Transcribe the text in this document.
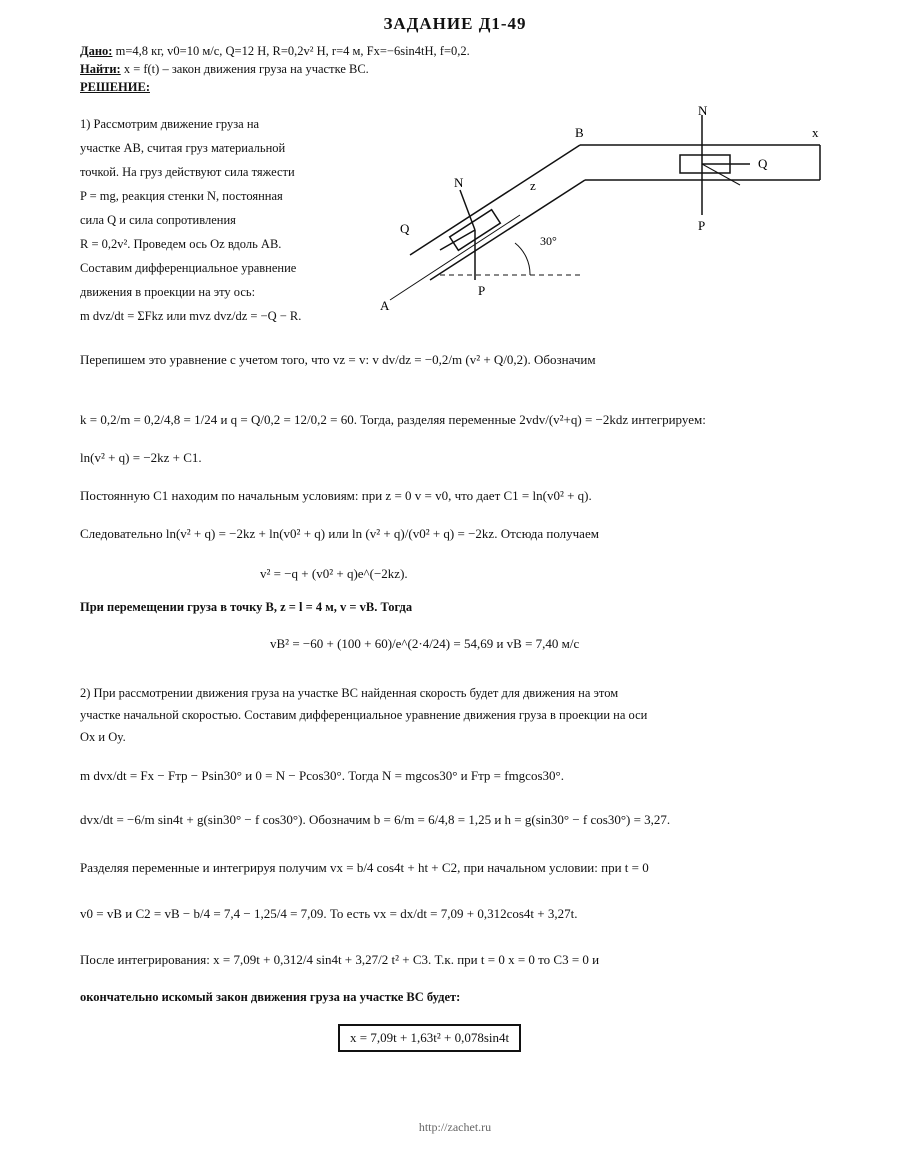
ЗАДАНИЕ Д1-49
Дано: m=4,8 кг, v0=10 м/c, Q=12 Н, R=0,2v² Н, r=4 м, Fx=−6sin4tН, f=0,2.
Найти: x = f(t) – закон движения груза на участке ВС.
РЕШЕНИЕ:
1) Рассмотрим движение груза на
участке АВ, считая груз материальной
точкой. На груз действуют сила тяжести
P = mg, реакция стенки N, постоянная
сила Q и сила сопротивления
R = 0,2v². Проведем ось Oz вдоль AB.
Составим дифференциальное уравнение
движения в проекции на эту ось:
m dvz/dt = ΣFkz или mvz dvz/dz = −Q − R.
B	x
N
Q
P
N
Q
P
z
30°
A
Перепишем это уравнение с учетом того, что vz = v: v dv/dz = −0,2/m (v² + Q/0,2). Обозначим
k = 0,2/m = 0,2/4,8 = 1/24 и q = Q/0,2 = 12/0,2 = 60. Тогда, разделяя переменные 2vdv/(v²+q) = −2kdz интегрируем:
ln(v² + q) = −2kz + C1.
Постоянную C1 находим по начальным условиям: при z = 0 v = v0, что дает C1 = ln(v0² + q).
Следовательно ln(v² + q) = −2kz + ln(v0² + q) или ln (v² + q)/(v0² + q) = −2kz. Отсюда получаем
v² = −q + (v0² + q)e^(−2kz).
При перемещении груза в точку B, z = l = 4 м, v = vB. Тогда
vB² = −60 + (100 + 60)/e^(2·4/24) = 54,69 и vB = 7,40 м/с
2) При рассмотрении движения груза на участке ВС найденная скорость будет для движения на этом
участке начальной скоростью. Составим дифференциальное уравнение движения груза в проекции на оси
Ox и Oy.
m dvx/dt = Fx − Fтр − Psin30° и 0 = N − Pcos30°. Тогда N = mgcos30° и Fтр = fmgcos30°.
dvx/dt = −6/m sin4t + g(sin30° − f cos30°). Обозначим b = 6/m = 6/4,8 = 1,25 и h = g(sin30° − f cos30°) = 3,27.
Разделяя переменные и интегрируя получим vx = b/4 cos4t + ht + C2, при начальном условии: при t = 0
v0 = vB и C2 = vB − b/4 = 7,4 − 1,25/4 = 7,09. То есть vx = dx/dt = 7,09 + 0,312cos4t + 3,27t.
После интегрирования: x = 7,09t + 0,312/4 sin4t + 3,27/2 t² + C3. Т.к. при t = 0 x = 0 то C3 = 0 и
окончательно искомый закон движения груза на участке ВС будет:
x = 7,09t + 1,63t² + 0,078sin4t
http://zachet.ru
